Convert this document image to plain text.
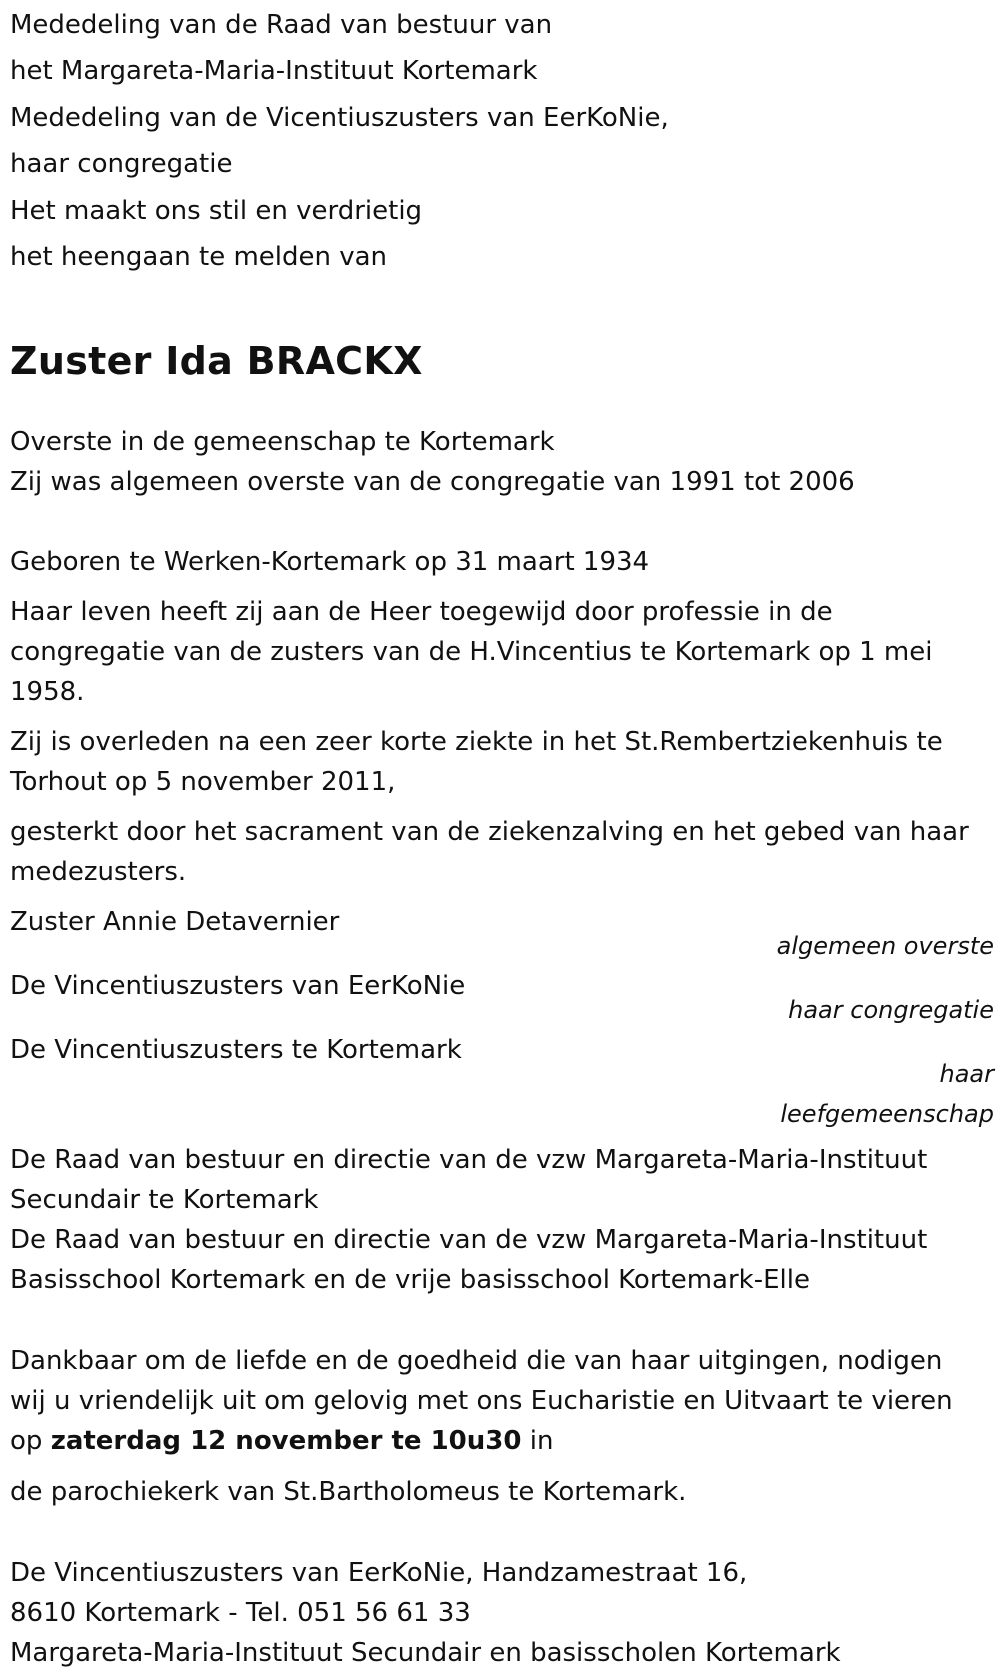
Mededeling van de Raad van bestuur van

het Margareta-Maria-Instituut Kortemark

Mededeling van de Vicentiuszusters van EerKoNie,

haar congregatie

Het maakt ons stil en verdrietig

het heengaan te melden van

Zuster Ida BRACKX

Overste in de gemeenschap te Kortemark

Zij was algemeen overste van de congregatie van 1991 tot 2006

Geboren te Werken-Kortemark op 31 maart 1934

Haar leven heeft zij aan de Heer toegewijd door professie in de

congregatie van de zusters van de H.Vincentius te Kortemark op 1 mei

1958.

Zij is overleden na een zeer korte ziekte in het St.Rembertziekenhuis te

Torhout op 5 november 2011,

gesterkt door het sacrament van de ziekenzalving en het gebed van haar

medezusters.

Zuster Annie Detavernier

algemeen overste

De Vincentiuszusters van EerKoNie

haar congregatie

De Vincentiuszusters te Kortemark

haar
leefgemeenschap

De Raad van bestuur en directie van de vzw Margareta-Maria-Instituut

Secundair te Kortemark

De Raad van bestuur en directie van de vzw Margareta-Maria-Instituut

Basisschool Kortemark en de vrije basisschool Kortemark-Elle

Dankbaar om de liefde en de goedheid die van haar uitgingen, nodigen

wij u vriendelijk uit om gelovig met ons Eucharistie en Uitvaart te vieren

op zaterdag 12 november te 10u30 in

de parochiekerk van St.Bartholomeus te Kortemark.

De Vincentiuszusters van EerKoNie, Handzamestraat 16,

8610 Kortemark - Tel. 051 56 61 33

Margareta-Maria-Instituut Secundair en basisscholen Kortemark
